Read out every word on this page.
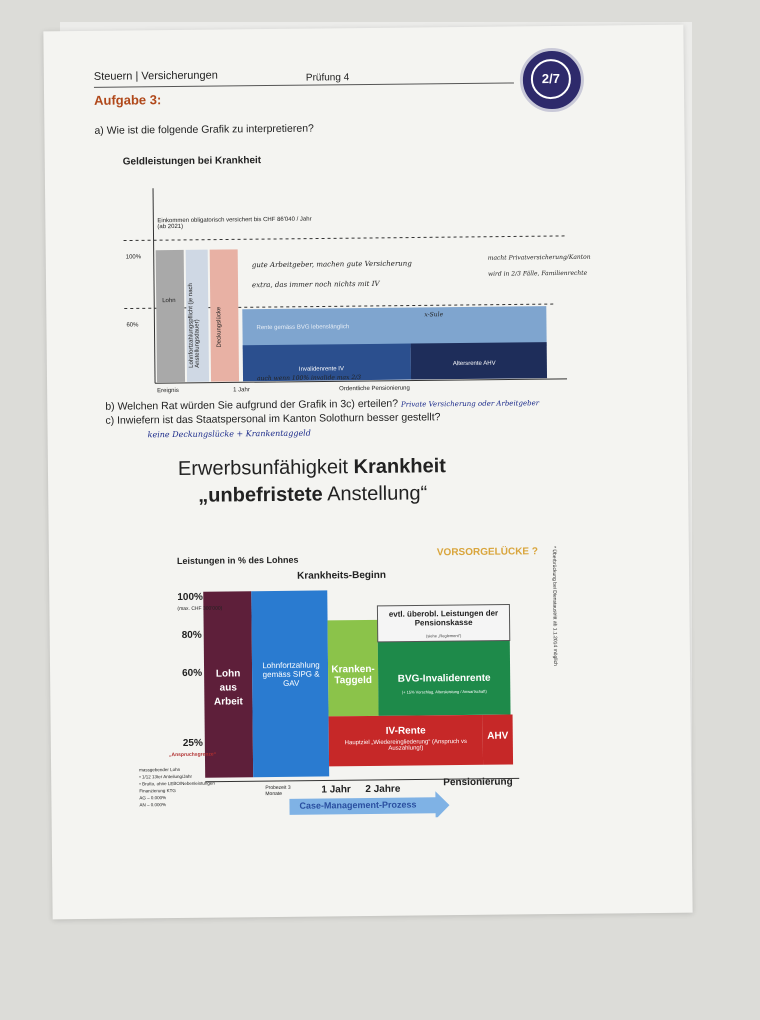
Steuern | Versicherungen	Prüfung 4	2/7
Aufgabe 3:
a) Wie ist die folgende Grafik zu interpretieren?
Geldleistungen bei Krankheit
Einkommen obligatorisch versichert bis CHF 86'040 / Jahr (ab 2021)
100%
60%
Lohn Lohnfortzahlungspflicht (je nach Anstellungsdauer)	Deckungslücke	Rente gemäss BVG lebenslänglich
Invalidenrente IV
Altersrente AHV
Ereignis	1 Jahr	Ordentliche Pensionierung
gute Arbeitgeber, machen gute Versicherung
extra, das immer noch nichts mit IV
macht Privatversicherung/Kanton
wird in 2/3 Fälle, Familienrechte
auch wenn 100% invalide max 2/3
x-Sule
b) Welchen Rat würden Sie aufgrund der Grafik in 3c) erteilen? Private Versicherung oder Arbeitgeber
c) Inwiefern ist das Staatspersonal im Kanton Solothurn besser gestellt?
keine Deckungslücke + Krankentaggeld
Erwerbsunfähigkeit Krankheit
„unbefristete Anstellung“
Leistungen in % des Lohnes
VORSORGELÜCKE ?
Krankheits-Beginn
100%
(max. CHF 300'000)
80%
60%
25%
„Anspruchsgrenze“
Lohn aus Arbeit
Lohnfortzahlung gemäss SIPG & GAV
Kranken-Taggeld
evtl. überobl. Leistungen der Pensionskasse
(siehe „Reglement“)
BVG-Invalidenrente
(+ 15% Vorschlag, Altersleistung / Anwartschaft)
IV-Rente
Hauptziel „Wiedereingliederung“ (Anspruch vs Auszahlung!)
AHV
Probezeit 3 Monate	1 Jahr 2 Jahre
Pensionierung
Case-Management-Prozess
massgebender Lohn
• 1/12 13ter Anteilung/Jahr
• Brutto, ohne LEBO/Nebenleistungen
Finanzierung KTG
AG – 0.000%
AN – 0.000%
* Überbrückung bei Dienstaustritt ab 1.1.2014 möglich
